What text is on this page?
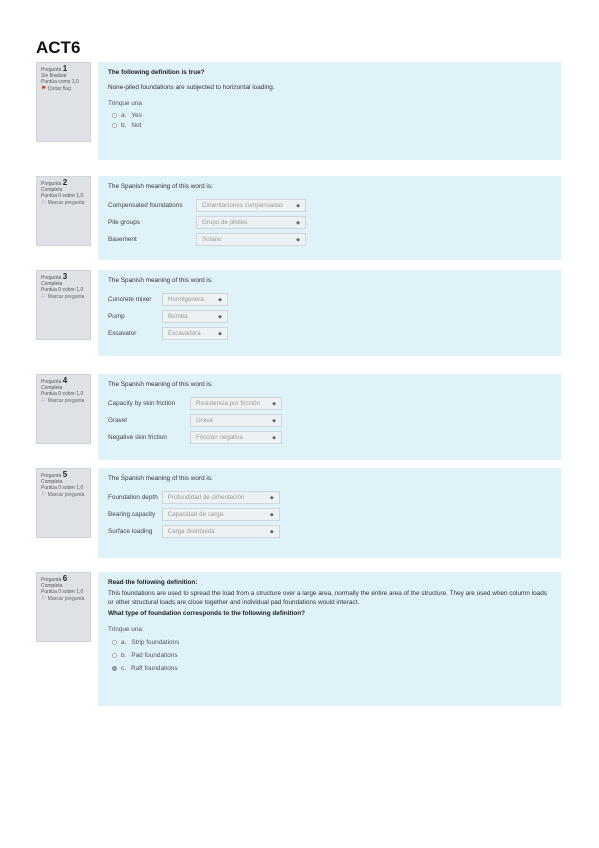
ACT6
Pregunta 1
Sin finalizar
Puntúa como 1,0
⚑ Quitar flag

The following definition is true?

None-piled foundations are subjected to horizontal loading.

Trinque una
a. Yes
b. Not
Pregunta 2
Completa
Puntúa 0 sobre 1,0
⚐ Marcar pregunta

The Spanish meaning of this word is:

Compensated foundations	Cimentaciones compensadas ◆

Pile groups	Grupo de pilotes ◆

Basement	Sotano ◆
Pregunta 3
Completa
Puntúa 0 sobre 1,0
⚐ Marcar pregunta

The Spanish meaning of this word is:

Concrete mixer	Hormigonera ◆

Pump	Bomba ◆

Excavator	Excavadora ◆
Pregunta 4
Completa
Puntúa 0 sobre 1,0
⚐ Marcar pregunta

The Spanish meaning of this word is:

Capacity by skin friction	Resistencia por fricción ◆

Gravel	Grava ◆

Negative skin friction	Fricción negativa ◆
Pregunta 5
Completa
Puntúa 0 sobre 1,0
⚐ Marcar pregunta

The Spanish meaning of this word is:

Foundation depth	Profundidad de cimentación ◆

Bearing capacity	Capacidad de carga ◆

Surface loading	Carga distribuida ◆
Pregunta 6
Completa
Puntúa 0 sobre 1,0
⚐ Marcar pregunta

Read the following definition:

This foundations are used to spread the load from a structure over a large area, normally the entire area of the structure. They are used when column loads or other structural loads are close together and individual pad foundations would interact.

What type of foundation corresponds to the following definition?

Trinque una
a. Strip foundations
b. Pad foundations
c. Raft foundations
